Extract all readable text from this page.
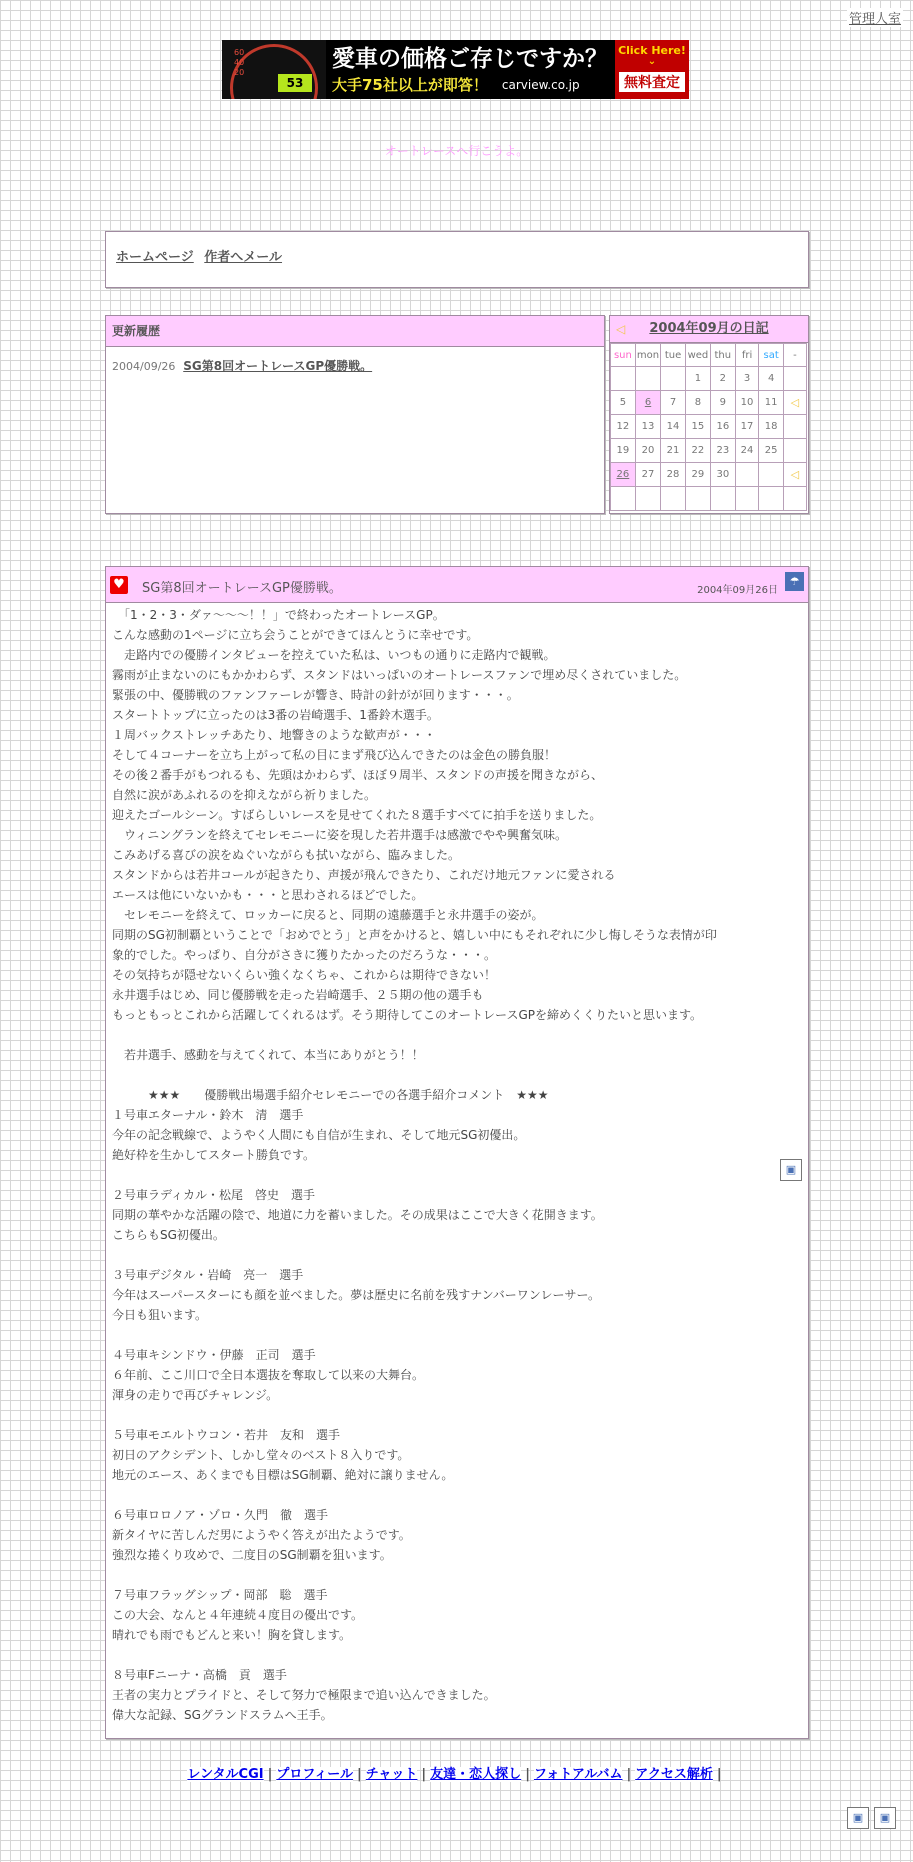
管理人室
60
40
20
53
愛車の価格ご存じですか？
大手75社以上が即答！ carview.co.jp
Click Here!
⌄
無料査定
オートレースへ行こうよ。
ホームページ 作者へメール
更新履歴
2004/09/26 SG第8回オートレースGP優勝戦。
◁ 2004年09月の日記
sun	mon	tue	wed	thu	fri	sat	-
			1	2	3	4	
5	6	7	8	9	10	11	◁
12	13	14	15	16	17	18	
19	20	21	22	23	24	25	
26	27	28	29	30			◁

♥ SG第8回オートレースGP優勝戦。	2004年09月26日
☂
　「1・2・3・ダァ～～～！！」で終わったオートレースGP。
こんな感動の1ページに立ち会うことができてほんとうに幸せです。
　走路内での優勝インタビューを控えていた私は、いつもの通りに走路内で観戦。
霧雨が止まないのにもかかわらず、スタンドはいっぱいのオートレースファンで埋め尽くされていました。
緊張の中、優勝戦のファンファーレが響き、時計の針がが回ります・・・。
スタートトップに立ったのは3番の岩崎選手、1番鈴木選手。
１周バックストレッチあたり、地響きのような歓声が・・・
そして４コーナーを立ち上がって私の目にまず飛び込んできたのは金色の勝負服！
その後２番手がもつれるも、先頭はかわらず、ほぼ９周半、スタンドの声援を聞きながら、
自然に涙があふれるのを抑えながら祈りました。
迎えたゴールシーン。すばらしいレースを見せてくれた８選手すべてに拍手を送りました。
　ウィニングランを終えてセレモニーに姿を現した若井選手は感激でやや興奮気味。
こみあげる喜びの涙をぬぐいながらも拭いながら、臨みました。
スタンドからは若井コールが起きたり、声援が飛んできたり、これだけ地元ファンに愛される
エースは他にいないかも・・・と思わされるほどでした。
　セレモニーを終えて、ロッカーに戻ると、同期の遠藤選手と永井選手の姿が。
同期のSG初制覇ということで「おめでとう」と声をかけると、嬉しい中にもそれぞれに少し悔しそうな表情が印
象的でした。やっぱり、自分がさきに獲りたかったのだろうな・・・。
その気持ちが隠せないくらい強くなくちゃ、これからは期待できない！
永井選手はじめ、同じ優勝戦を走った岩崎選手、２５期の他の選手も
もっともっとこれから活躍してくれるはず。そう期待してこのオートレースGPを締めくくりたいと思います。
　若井選手、感動を与えてくれて、本当にありがとう！！
　　　★★★　　優勝戦出場選手紹介セレモニーでの各選手紹介コメント　★★★
１号車エターナル・鈴木　清　選手
今年の記念戦線で、ようやく人間にも自信が生まれ、そして地元SG初優出。
絶好枠を生かしてスタート勝負です。
２号車ラディカル・松尾　啓史　選手
同期の華やかな活躍の陰で、地道に力を蓄いました。その成果はここで大きく花開きます。
こちらもSG初優出。
３号車デジタル・岩崎　亮一　選手
今年はスーパースターにも顔を並べました。夢は歴史に名前を残すナンバーワンレーサー。
今日も狙います。
４号車キシンドウ・伊藤　正司　選手
６年前、ここ川口で全日本選抜を奪取して以来の大舞台。
渾身の走りで再びチャレンジ。
５号車モエルトウコン・若井　友和　選手
初日のアクシデント、しかし堂々のベスト８入りです。
地元のエース、あくまでも目標はSG制覇、絶対に譲りません。
６号車ロロノア・ゾロ・久門　徹　選手
新タイヤに苦しんだ男にようやく答えが出たようです。
強烈な捲くり攻めで、二度目のSG制覇を狙います。
７号車フラッグシップ・岡部　聡　選手
この大会、なんと４年連続４度目の優出です。
晴れでも雨でもどんと来い！胸を貸します。
８号車Fニーナ・高橋　貢　選手
王者の実力とプライドと、そして努力で極限まで追い込んできました。
偉大な記録、SGグランドスラムへ王手。
▣
レンタルCGI | プロフィール | チャット | 友達・恋人探し | フォトアルバム | アクセス解析 |
▣	▣
